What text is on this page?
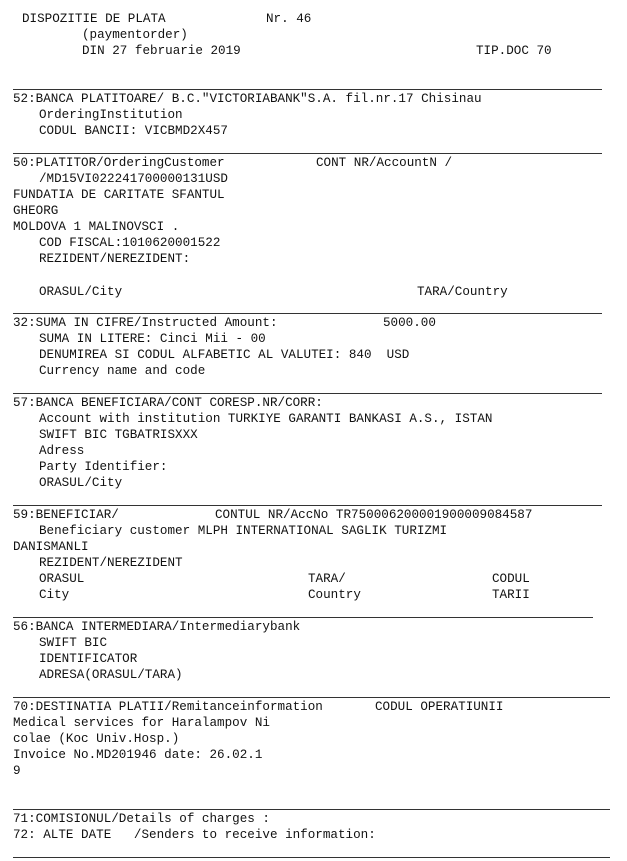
DISPOZITIE DE PLATA	Nr. 46
(paymentorder)
DIN 27 februarie 2019	TIP.DOC 70
52:BANCA PLATITOARE/ B.C."VICTORIABANK"S.A. fil.nr.17 Chisinau
OrderingInstitution
CODUL BANCII: VICBMD2X457
50:PLATITOR/OrderingCustomer	CONT NR/AccountN /
/MD15VI022241700000131USD
FUNDATIA DE CARITATE SFANTUL
GHEORG
MOLDOVA 1 MALINOVSCI .
COD FISCAL:1010620001522
REZIDENT/NEREZIDENT:
ORASUL/City	TARA/Country
32:SUMA IN CIFRE/Instructed Amount:	5000.00
SUMA IN LITERE: Cinci Mii - 00
DENUMIREA SI CODUL ALFABETIC AL VALUTEI: 840  USD
Currency name and code
57:BANCA BENEFICIARA/CONT CORESP.NR/CORR:
Account with institution TURKIYE GARANTI BANKASI A.S., ISTAN
SWIFT BIC TGBATRISXXX
Adress
Party Identifier:
ORASUL/City
59:BENEFICIAR/	CONTUL NR/AccNo TR750006200001900009084587
Beneficiary customer MLPH INTERNATIONAL SAGLIK TURIZMI
DANISMANLI
REZIDENT/NEREZIDENT
ORASUL	TARA/	CODUL
City	Country	TARII
56:BANCA INTERMEDIARA/Intermediarybank
SWIFT BIC
IDENTIFICATOR
ADRESA(ORASUL/TARA)
70:DESTINATIA PLATII/Remitanceinformation	CODUL OPERATIUNII
Medical services for Haralampov Ni
colae (Koc Univ.Hosp.)
Invoice No.MD201946 date: 26.02.1
9
71:COMISIONUL/Details of charges :
72: ALTE DATE   /Senders to receive information:
